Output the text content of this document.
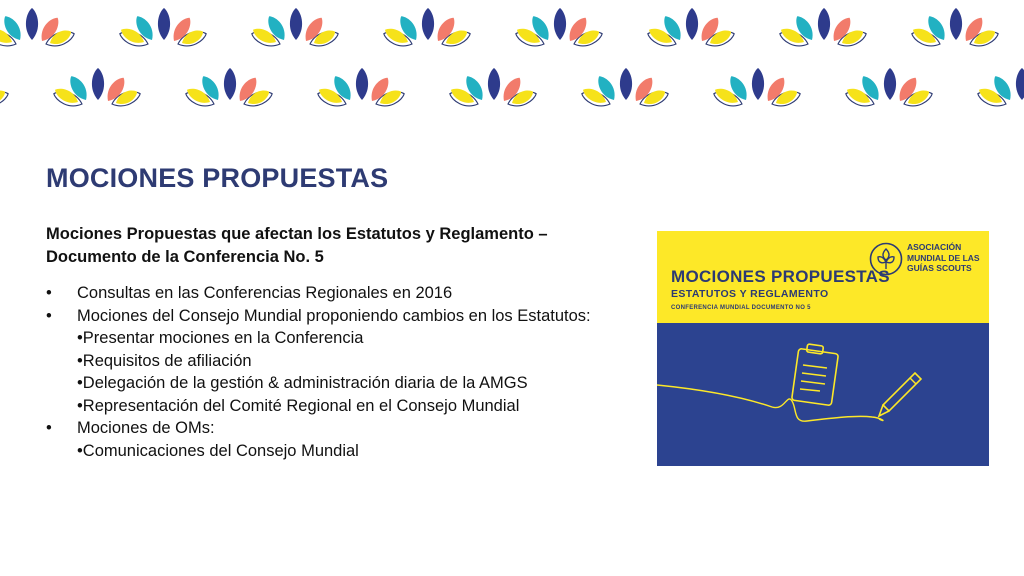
MOCIONES PROPUESTAS
Mociones Propuestas que afectan los Estatutos y Reglamento –
Documento de la Conferencia No. 5
• Consultas en las Conferencias Regionales en 2016
• Mociones del Consejo Mundial proponiendo cambios en los Estatutos:
• Presentar mociones en la Conferencia
• Requisitos de afiliación
• Delegación de la gestión & administración diaria de la AMGS
• Representación del Comité Regional en el Consejo Mundial
• Mociones de OMs:
• Comunicaciones del Consejo Mundial
MOCIONES PROPUESTAS
ESTATUTOS Y REGLAMENTO
CONFERENCIA MUNDIAL DOCUMENTO NO 5
ASOCIACIÓN
MUNDIAL DE LAS
GUÍAS SCOUTS
